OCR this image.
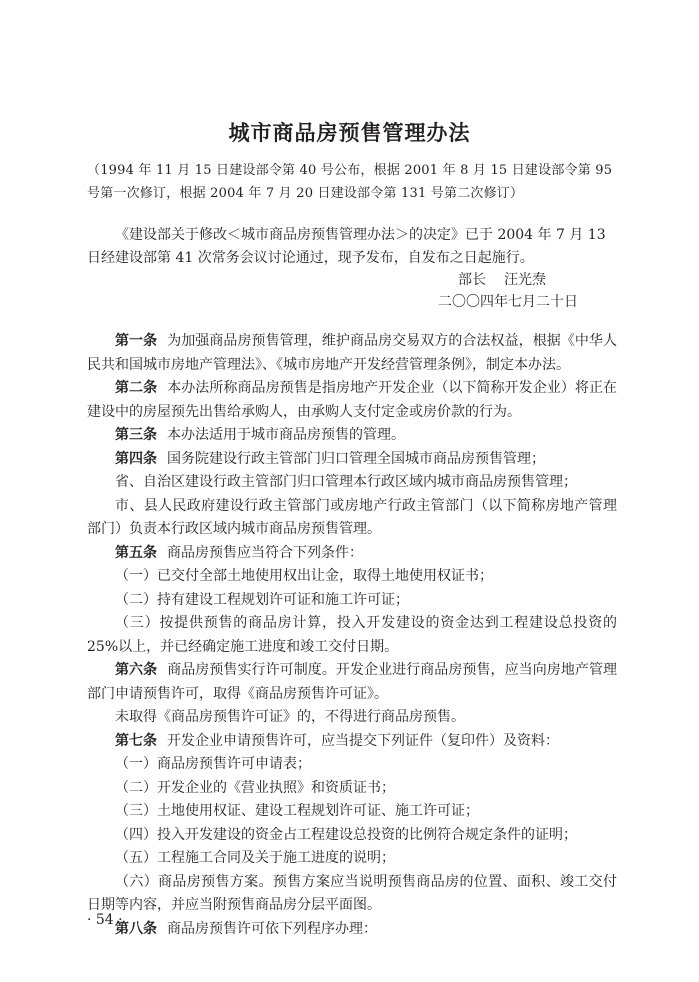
城市商品房预售管理办法

（1994 年 11 月 15 日建设部令第 40 号公布，根据 2001 年 8 月 15 日建设部令第 95 号第一次修订，根据 2004 年 7 月 20 日建设部令第 131 号第二次修订）

《建设部关于修改＜城市商品房预售管理办法＞的决定》已于 2004 年 7 月 13 日经建设部第 41 次常务会议讨论通过，现予发布，自发布之日起施行。

部长 汪光焘
二〇〇四年七月二十日

第一条 为加强商品房预售管理，维护商品房交易双方的合法权益，根据《中华人民共和国城市房地产管理法》、《城市房地产开发经营管理条例》，制定本办法。

第二条 本办法所称商品房预售是指房地产开发企业（以下简称开发企业）将正在建设中的房屋预先出售给承购人，由承购人支付定金或房价款的行为。

第三条 本办法适用于城市商品房预售的管理。

第四条 国务院建设行政主管部门归口管理全国城市商品房预售管理；

省、自治区建设行政主管部门归口管理本行政区域内城市商品房预售管理；

市、县人民政府建设行政主管部门或房地产行政主管部门（以下简称房地产管理部门）负责本行政区域内城市商品房预售管理。

第五条 商品房预售应当符合下列条件：

（一）已交付全部土地使用权出让金，取得土地使用权证书；

（二）持有建设工程规划许可证和施工许可证；

（三）按提供预售的商品房计算，投入开发建设的资金达到工程建设总投资的25%以上，并已经确定施工进度和竣工交付日期。

第六条 商品房预售实行许可制度。开发企业进行商品房预售，应当向房地产管理部门申请预售许可，取得《商品房预售许可证》。

未取得《商品房预售许可证》的，不得进行商品房预售。

第七条 开发企业申请预售许可，应当提交下列证件（复印件）及资料：

（一）商品房预售许可申请表；

（二）开发企业的《营业执照》和资质证书；

（三）土地使用权证、建设工程规划许可证、施工许可证；

（四）投入开发建设的资金占工程建设总投资的比例符合规定条件的证明；

（五）工程施工合同及关于施工进度的说明；

（六）商品房预售方案。预售方案应当说明预售商品房的位置、面积、竣工交付日期等内容，并应当附预售商品房分层平面图。

第八条 商品房预售许可依下列程序办理：

· 54 ·
